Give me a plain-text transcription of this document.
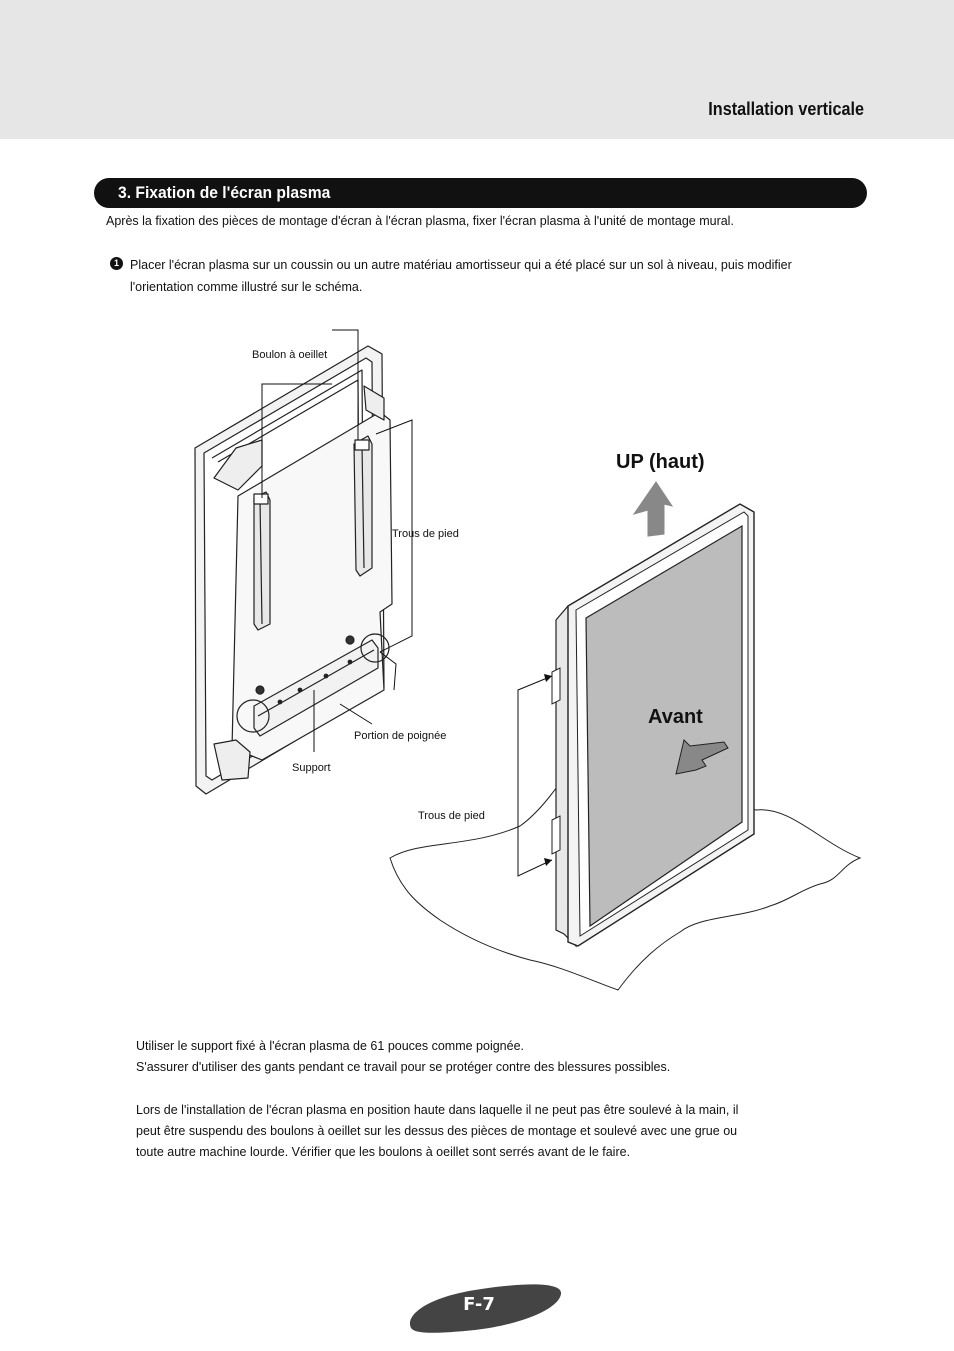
Installation verticale
3. Fixation de l'écran plasma
Après la fixation des pièces de montage d'écran à l'écran plasma, fixer l'écran plasma à l'unité de montage mural.
1 Placer l'écran plasma sur un coussin ou un autre matériau amortisseur qui a été placé sur un sol à niveau, puis modifier l'orientation comme illustré sur le schéma.
Boulon à oeillet
Trous de pied
Portion de poignée
Support
Trous de pied
UP (haut)
Avant
Utiliser le support fixé à l'écran plasma de 61 pouces comme poignée.
S'assurer d'utiliser des gants pendant ce travail pour se protéger contre des blessures possibles.
Lors de l'installation de l'écran plasma en position haute dans laquelle il ne peut pas être soulevé à la main, il peut être suspendu des boulons à oeillet sur les dessus des pièces de montage et soulevé avec une grue ou toute autre machine lourde. Vérifier que les boulons à oeillet sont serrés avant de le faire.
F-7
